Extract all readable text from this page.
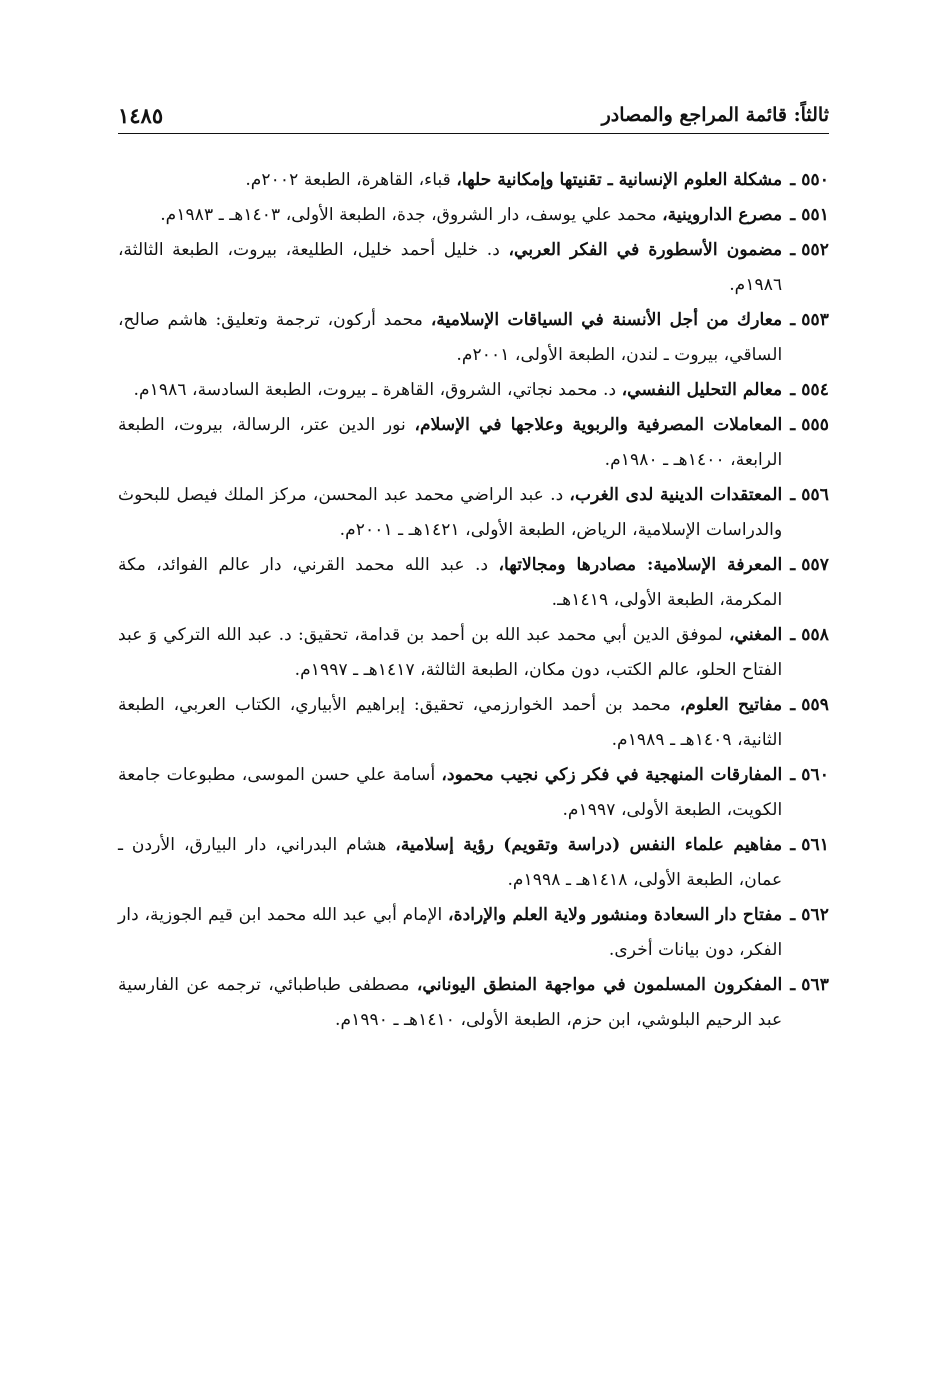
ثالثاً: قائمة المراجع والمصادر
١٤٨٥
٥٥٠ ـ
مشكلة العلوم الإنسانية ـ تقنيتها وإمكانية حلها، قباء، القاهرة، الطبعة ٢٠٠٢م.
٥٥١ ـ
مصرع الداروينية، محمد علي يوسف، دار الشروق، جدة، الطبعة الأولى، ١٤٠٣هـ ـ ١٩٨٣م.
٥٥٢ ـ
مضمون الأسطورة في الفكر العربي، د. خليل أحمد خليل، الطليعة، بيروت، الطبعة الثالثة، ١٩٨٦م.
٥٥٣ ـ
معارك من أجل الأنسنة في السياقات الإسلامية، محمد أركون، ترجمة وتعليق: هاشم صالح، الساقي، بيروت ـ لندن، الطبعة الأولى، ٢٠٠١م.
٥٥٤ ـ
معالم التحليل النفسي، د. محمد نجاتي، الشروق، القاهرة ـ بيروت، الطبعة السادسة، ١٩٨٦م.
٥٥٥ ـ
المعاملات المصرفية والربوية وعلاجها في الإسلام، نور الدين عتر، الرسالة، بيروت، الطبعة الرابعة، ١٤٠٠هـ ـ ١٩٨٠م.
٥٥٦ ـ
المعتقدات الدينية لدى الغرب، د. عبد الراضي محمد عبد المحسن، مركز الملك فيصل للبحوث والدراسات الإسلامية، الرياض، الطبعة الأولى، ١٤٢١هـ ـ ٢٠٠١م.
٥٥٧ ـ
المعرفة الإسلامية: مصادرها ومجالاتها، د. عبد الله محمد القرني، دار عالم الفوائد، مكة المكرمة، الطبعة الأولى، ١٤١٩هـ.
٥٥٨ ـ
المغني، لموفق الدين أبي محمد عبد الله بن أحمد بن قدامة، تحقيق: د. عبد الله التركي وَ عبد الفتاح الحلو، عالم الكتب، دون مكان، الطبعة الثالثة، ١٤١٧هـ ـ ١٩٩٧م.
٥٥٩ ـ
مفاتيح العلوم، محمد بن أحمد الخوارزمي، تحقيق: إبراهيم الأبياري، الكتاب العربي، الطبعة الثانية، ١٤٠٩هـ ـ ١٩٨٩م.
٥٦٠ ـ
المفارقات المنهجية في فكر زكي نجيب محمود، أسامة علي حسن الموسى، مطبوعات جامعة الكويت، الطبعة الأولى، ١٩٩٧م.
٥٦١ ـ
مفاهيم علماء النفس (دراسة وتقويم) رؤية إسلامية، هشام البدراني، دار البيارق، الأردن ـ عمان، الطبعة الأولى، ١٤١٨هـ ـ ١٩٩٨م.
٥٦٢ ـ
مفتاح دار السعادة ومنشور ولاية العلم والإرادة، الإمام أبي عبد الله محمد ابن قيم الجوزية، دار الفكر، دون بيانات أخرى.
٥٦٣ ـ
المفكرون المسلمون في مواجهة المنطق اليوناني، مصطفى طباطبائي، ترجمه عن الفارسية عبد الرحيم البلوشي، ابن حزم، الطبعة الأولى، ١٤١٠هـ ـ ١٩٩٠م.
